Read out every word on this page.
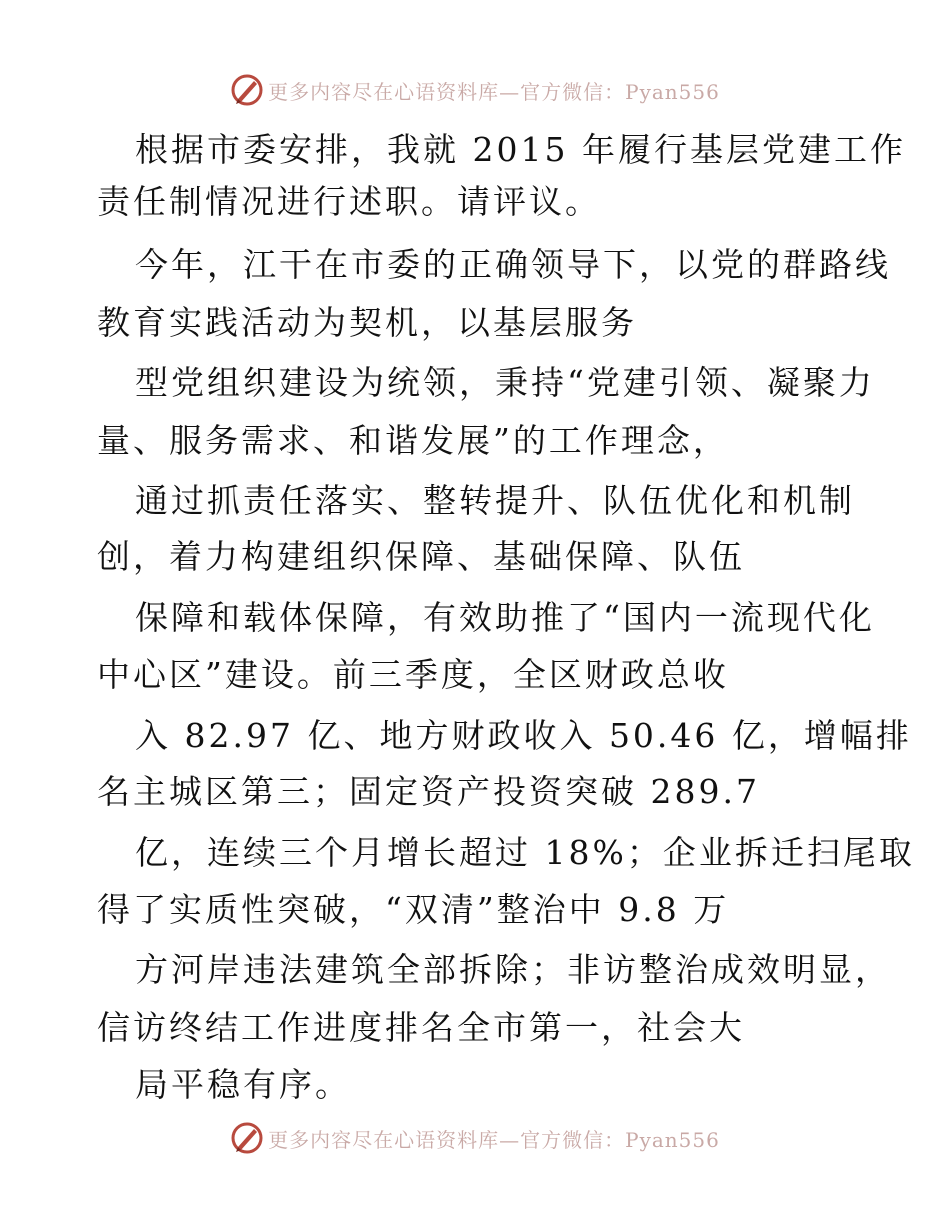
更多内容尽在心语资料库—官方微信：Pyan556
根据市委安排，我就 2015 年履行基层党建工作
责任制情况进行述职。请评议。
今年，江干在市委的正确领导下，以党的群路线
教育实践活动为契机，以基层服务
型党组织建设为统领，秉持“党建引领、凝聚力
量、服务需求、和谐发展”的工作理念，
通过抓责任落实、整转提升、队伍优化和机制
创，着力构建组织保障、基础保障、队伍
保障和载体保障，有效助推了“国内一流现代化
中心区”建设。前三季度，全区财政总收
入 82.97 亿、地方财政收入 50.46 亿，增幅排
名主城区第三；固定资产投资突破 289.7
亿，连续三个月增长超过 18%；企业拆迁扫尾取
得了实质性突破，“双清”整治中 9.8 万
方河岸违法建筑全部拆除；非访整治成效明显，
信访终结工作进度排名全市第一，社会大
局平稳有序。
更多内容尽在心语资料库—官方微信：Pyan556
